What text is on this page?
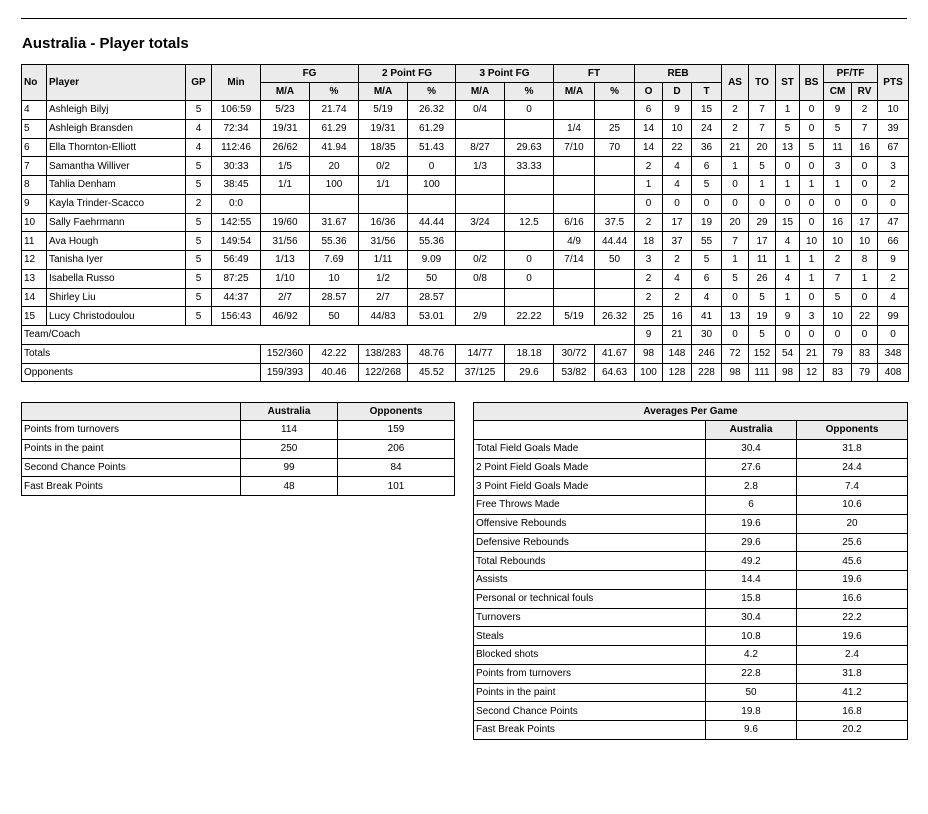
Australia - Player totals
No	Player	GP	Min	FG		2 Point FG		3 Point FG		FT		REB			AS	TO	ST	BS	PF/TF		PTS
				M/A	%	M/A	%	M/A	%	M/A	%	O	D	T					CM	RV	
4	Ashleigh Bilyj	5	106:59	5/23	21.74	5/19	26.32	0/4	0			6	9	15	2	7	1	0	9	2	10
5	Ashleigh Bransden	4	72:34	19/31	61.29	19/31	61.29			1/4	25	14	10	24	2	7	5	0	5	7	39
6	Ella Thornton-Elliott	4	112:46	26/62	41.94	18/35	51.43	8/27	29.63	7/10	70	14	22	36	21	20	13	5	11	16	67
7	Samantha Williver	5	30:33	1/5	20	0/2	0	1/3	33.33			2	4	6	1	5	0	0	3	0	3
8	Tahlia Denham	5	38:45	1/1	100	1/1	100					1	4	5	0	1	1	1	1	0	2
9	Kayla Trinder-Scacco	2	0:0									0	0	0	0	0	0	0	0	0	0
10	Sally Faehrmann	5	142:55	19/60	31.67	16/36	44.44	3/24	12.5	6/16	37.5	2	17	19	20	29	15	0	16	17	47
11	Ava Hough	5	149:54	31/56	55.36	31/56	55.36			4/9	44.44	18	37	55	7	17	4	10	10	10	66
12	Tanisha Iyer	5	56:49	1/13	7.69	1/11	9.09	0/2	0	7/14	50	3	2	5	1	11	1	1	2	8	9
13	Isabella Russo	5	87:25	1/10	10	1/2	50	0/8	0			2	4	6	5	26	4	1	7	1	2
14	Shirley Liu	5	44:37	2/7	28.57	2/7	28.57					2	2	4	0	5	1	0	5	0	4
15	Lucy Christodoulou	5	156:43	46/92	50	44/83	53.01	2/9	22.22	5/19	26.32	25	16	41	13	19	9	3	10	22	99
Team/Coach												9	21	30	0	5	0	0	0	0	0
Totals				152/360	42.22	138/283	48.76	14/77	18.18	30/72	41.67	98	148	246	72	152	54	21	79	83	348
Opponents				159/393	40.46	122/268	45.52	37/125	29.6	53/82	64.63	100	128	228	98	111	98	12	83	79	408
	Australia	Opponents
Points from turnovers	114	159
Points in the paint	250	206
Second Chance Points	99	84
Fast Break Points	48	101
Averages Per Game		
	Australia	Opponents
Total Field Goals Made	30.4	31.8
2 Point Field Goals Made	27.6	24.4
3 Point Field Goals Made	2.8	7.4
Free Throws Made	6	10.6
Offensive Rebounds	19.6	20
Defensive Rebounds	29.6	25.6
Total Rebounds	49.2	45.6
Assists	14.4	19.6
Personal or technical fouls	15.8	16.6
Turnovers	30.4	22.2
Steals	10.8	19.6
Blocked shots	4.2	2.4
Points from turnovers	22.8	31.8
Points in the paint	50	41.2
Second Chance Points	19.8	16.8
Fast Break Points	9.6	20.2
